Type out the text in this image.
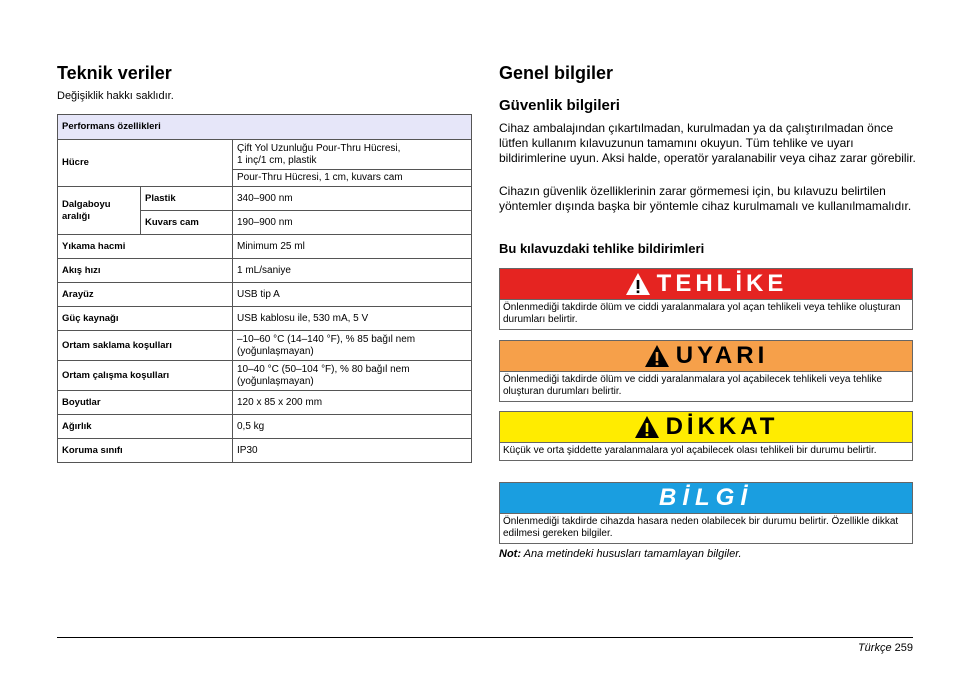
Teknik veriler
Değişiklik hakkı saklıdır.
Performans özellikleri		
Hücre		Çift Yol Uzunluğu Pour-Thru Hücresi,
1 inç/1 cm, plastik
		Pour-Thru Hücresi, 1 cm, kuvars cam
Dalgaboyu aralığı	Plastik	340–900 nm
	Kuvars cam	190–900 nm
Yıkama hacmi		Minimum 25 ml
Akış hızı		1 mL/saniye
Arayüz		USB tip A
Güç kaynağı		USB kablosu ile, 530 mA, 5 V
Ortam saklama koşulları		–10–60 °C (14–140 °F), % 85 bağıl nem (yoğunlaşmayan)
Ortam çalışma koşulları		10–40 °C (50–104 °F), % 80 bağıl nem (yoğunlaşmayan)
Boyutlar		120 x 85 x 200 mm
Ağırlık		0,5 kg
Koruma sınıfı		IP30
Genel bilgiler
Güvenlik bilgileri
Cihaz ambalajından çıkartılmadan, kurulmadan ya da çalıştırılmadan önce lütfen kullanım kılavuzunun tamamını okuyun. Tüm tehlike ve uyarı bildirimlerine uyun. Aksi halde, operatör yaralanabilir veya cihaz zarar görebilir.
Cihazın güvenlik özelliklerinin zarar görmemesi için, bu kılavuzu belirtilen yöntemler dışında başka bir yöntemle cihaz kurulmamalı ve kullanılmamalıdır.
Bu kılavuzdaki tehlike bildirimleri
TEHLİKE
Önlenmediği takdirde ölüm ve ciddi yaralanmalara yol açan tehlikeli veya tehlike oluşturan durumları belirtir.
UYARI
Önlenmediği takdirde ölüm ve ciddi yaralanmalara yol açabilecek tehlikeli veya tehlike oluşturan durumları belirtir.
DİKKAT
Küçük ve orta şiddette yaralanmalara yol açabilecek olası tehlikeli bir durumu belirtir.
BİLGİ
Önlenmediği takdirde cihazda hasara neden olabilecek bir durumu belirtir. Özellikle dikkat edilmesi gereken bilgiler.
Not: Ana metindeki hususları tamamlayan bilgiler.
Türkçe 259
